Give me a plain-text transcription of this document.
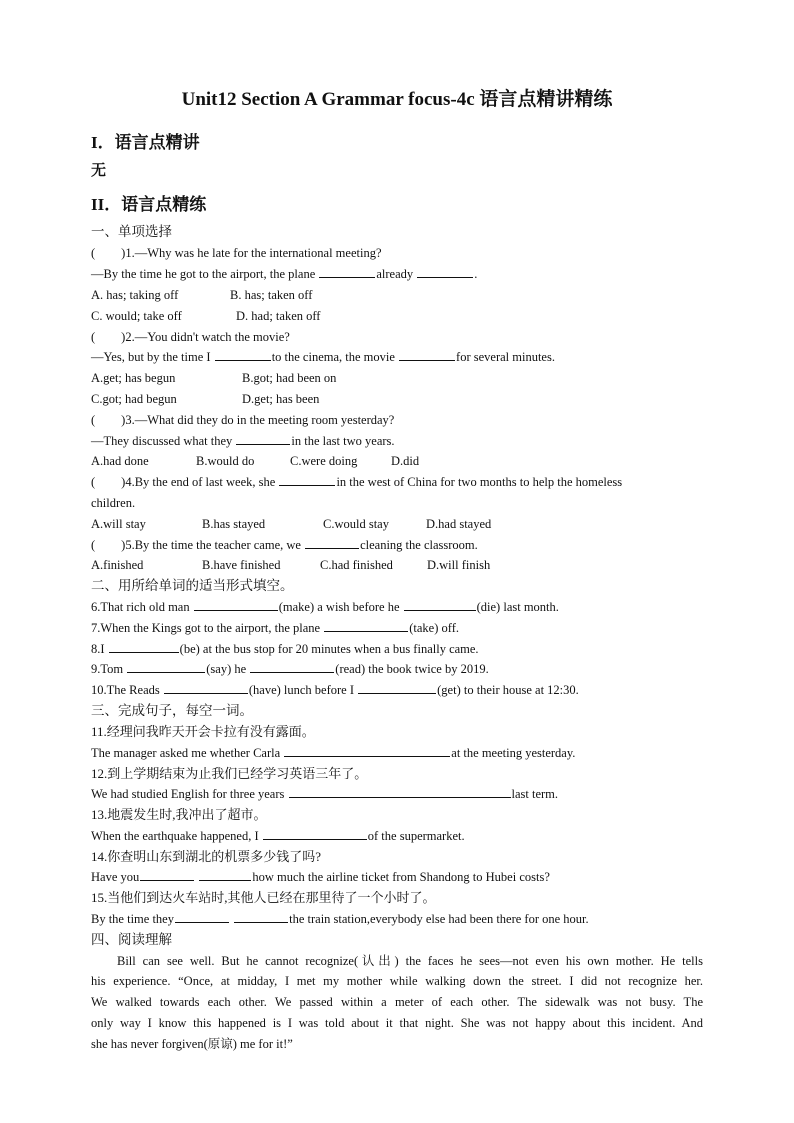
Unit12 Section A Grammar focus-4c 语言点精讲精练
I．语言点精讲
无
II．语言点精练
一、单项选择
( )1.—Why was he late for the international meeting?
—By the time he got to the airport, the plane	already	.
A. has; taking off	B. has; taken off
C. would; take off	D. had; taken off
( )2.—You didn't watch the movie?
—Yes, but by the time I	to the cinema, the movie	for several minutes.
A.get; has begun	B.got; had been on
C.got; had begun	D.get; has been
( )3.—What did they do in the meeting room yesterday?
—They discussed what they	in the last two years.
A.had done	B.would do	C.were doing	D.did
( )4.By the end of last week, she	in the west of China for two months to help the homeless
children.
A.will stay	B.has stayed	C.would stay	D.had stayed
( )5.By the time the teacher came, we	cleaning the classroom.
A.finished	B.have finished	C.had finished	D.will finish
二、用所给单词的适当形式填空。
6.That rich old man	(make) a wish before he	(die) last month.
7.When the Kings got to the airport, the plane	(take) off.
8.I	(be) at the bus stop for 20 minutes when a bus finally came.
9.Tom	(say) he	(read) the book twice by 2019.
10.The Reads	(have) lunch before I	(get) to their house at 12:30.
三、完成句子，每空一词。
11.经理问我昨天开会卡拉有没有露面。
The manager asked me whether Carla	at the meeting yesterday.
12.到上学期结束为止我们已经学习英语三年了。
We had studied English for three years	last term.
13.地震发生时,我冲出了超市。
When the earthquake happened, I	of the supermarket.
14.你查明山东到湖北的机票多少钱了吗?
Have you	how much the airline ticket from Shandong to Hubei costs?
15.当他们到达火车站时,其他人已经在那里待了一个小时了。
By the time they	the train station,everybody else had been there for one hour.
四、阅读理解
Bill can see well. But he cannot recognize(认出) the faces he sees—not even his own mother. He tells
his experience. “Once, at midday, I met my mother while walking down the street. I did not recognize her.
We walked towards each other. We passed within a meter of each other. The sidewalk was not busy. The
only way I know this happened is I was told about it that night. She was not happy about this incident. And
she has never forgiven(原谅) me for it!”
